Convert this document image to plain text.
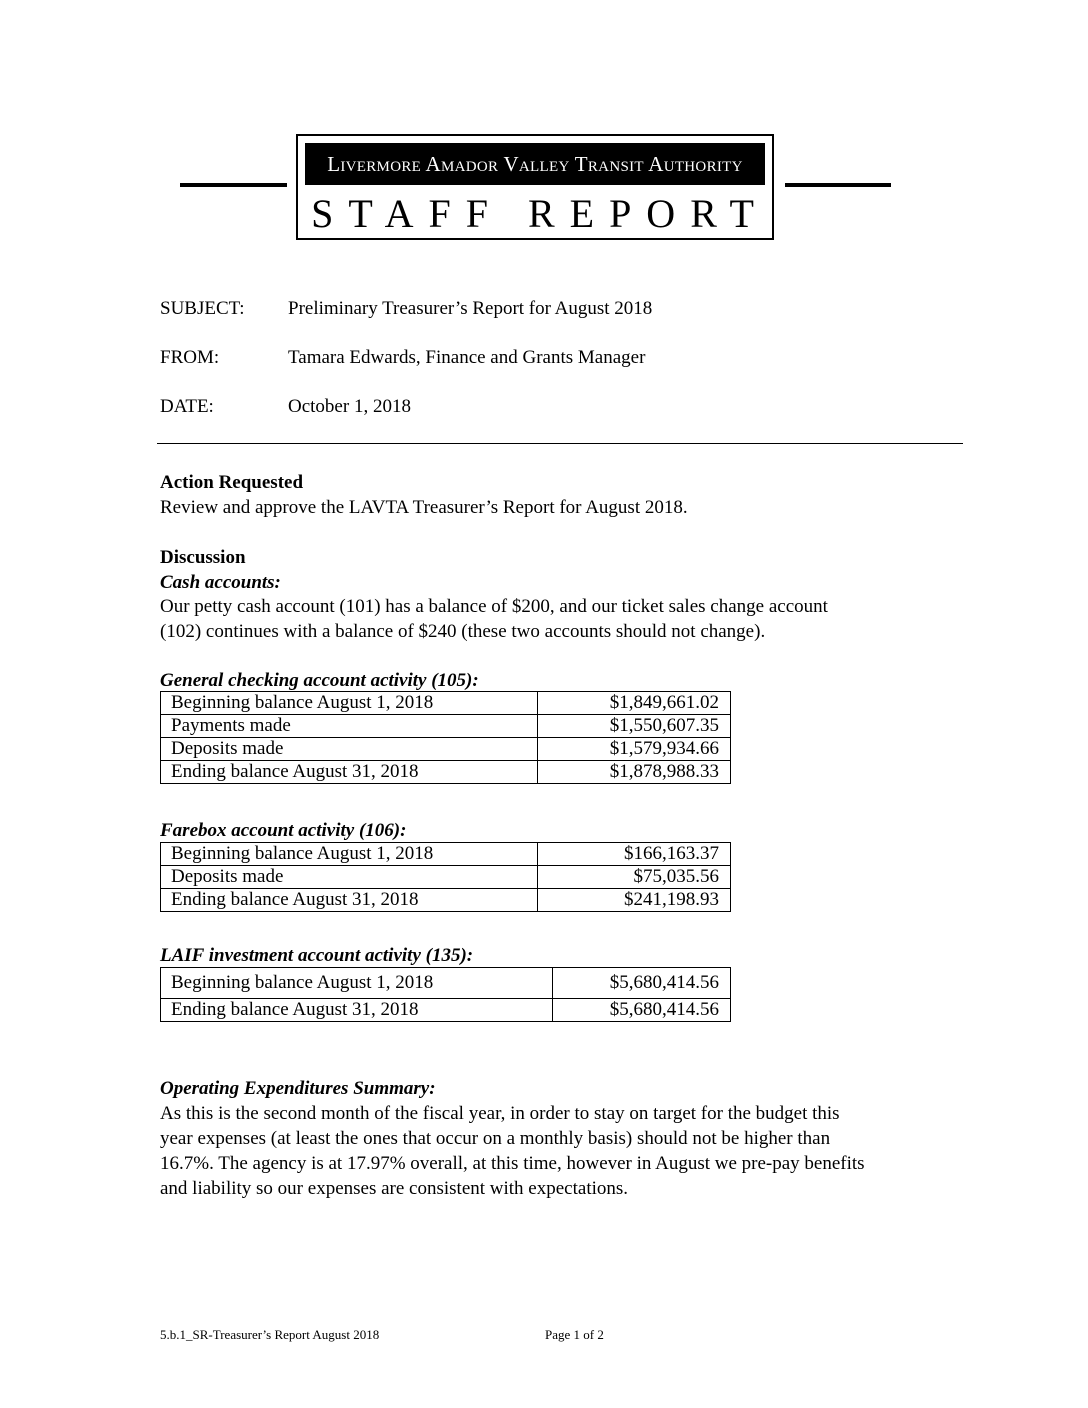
Livermore Amador Valley Transit Authority
STAFF REPORT
SUBJECT: Preliminary Treasurer’s Report for August 2018
FROM:	Tamara Edwards, Finance and Grants Manager
DATE:	October 1, 2018
Action Requested
Review and approve the LAVTA Treasurer’s Report for August 2018.
Discussion
Cash accounts:
Our petty cash account (101) has a balance of $200, and our ticket sales change account
(102) continues with a balance of $240 (these two accounts should not change).
General checking account activity (105):
Beginning balance August 1, 2018	$1,849,661.02
Payments made	$1,550,607.35
Deposits made	$1,579,934.66
Ending balance August 31, 2018	$1,878,988.33
Farebox account activity (106):
Beginning balance August 1, 2018	$166,163.37
Deposits made	$75,035.56
Ending balance August 31, 2018	$241,198.93
LAIF investment account activity (135):
Beginning balance August 1, 2018	$5,680,414.56
Ending balance August 31, 2018	$5,680,414.56
Operating Expenditures Summary:
As this is the second month of the fiscal year, in order to stay on target for the budget this
year expenses (at least the ones that occur on a monthly basis) should not be higher than
16.7%. The agency is at 17.97% overall, at this time, however in August we pre-pay benefits
and liability so our expenses are consistent with expectations.
5.b.1_SR-Treasurer’s Report August 2018	Page 1 of 2
